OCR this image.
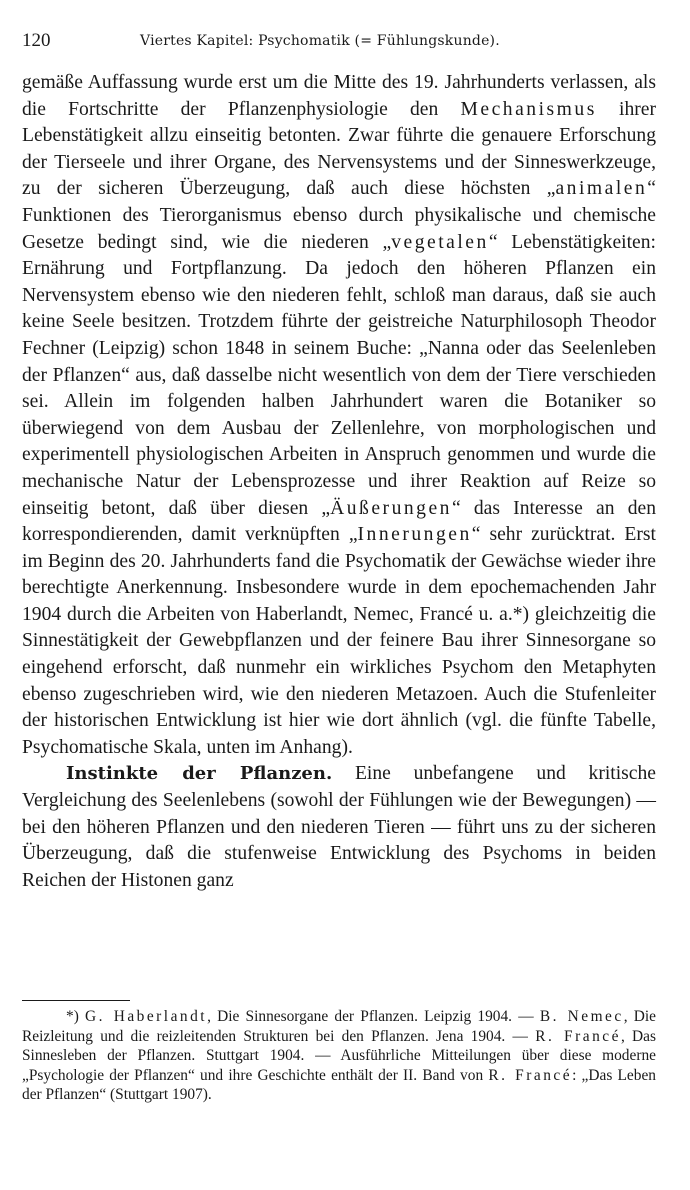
120	Viertes Kapitel: Psychomatik (= Fühlungskunde).

gemäße Auffassung wurde erst um die Mitte des 19. Jahrhunderts verlassen, als die Fortschritte der Pflanzenphysiologie den Mechanismus ihrer Lebenstätigkeit allzu einseitig betonten. Zwar führte die genauere Erforschung der Tierseele und ihrer Organe, des Nervensystems und der Sinneswerkzeuge, zu der sicheren Überzeugung, daß auch diese höchsten „animalen“ Funktionen des Tierorganismus ebenso durch physikalische und chemische Gesetze bedingt sind, wie die niederen „vegetalen“ Lebenstätigkeiten: Ernährung und Fortpflanzung. Da jedoch den höheren Pflanzen ein Nervensystem ebenso wie den niederen fehlt, schloß man daraus, daß sie auch keine Seele besitzen. Trotzdem führte der geistreiche Naturphilosoph Theodor Fechner (Leipzig) schon 1848 in seinem Buche: „Nanna oder das Seelenleben der Pflanzen“ aus, daß dasselbe nicht wesentlich von dem der Tiere verschieden sei. Allein im folgenden halben Jahrhundert waren die Botaniker so überwiegend von dem Ausbau der Zellenlehre, von morphologischen und experimentell physiologischen Arbeiten in Anspruch genommen und wurde die mechanische Natur der Lebensprozesse und ihrer Reaktion auf Reize so einseitig betont, daß über diesen „Äußerungen“ das Interesse an den korrespondierenden, damit verknüpften „Innerungen“ sehr zurücktrat. Erst im Beginn des 20. Jahrhunderts fand die Psychomatik der Gewächse wieder ihre berechtigte Anerkennung. Insbesondere wurde in dem epochemachenden Jahr 1904 durch die Arbeiten von Haberlandt, Nemec, Francé u. a.*) gleichzeitig die Sinnestätigkeit der Gewebpflanzen und der feinere Bau ihrer Sinnesorgane so eingehend erforscht, daß nunmehr ein wirkliches Psychom den Metaphyten ebenso zugeschrieben wird, wie den niederen Metazoen. Auch die Stufenleiter der historischen Entwicklung ist hier wie dort ähnlich (vgl. die fünfte Tabelle, Psychomatische Skala, unten im Anhang).

Instinkte der Pflanzen. Eine unbefangene und kritische Vergleichung des Seelenlebens (sowohl der Fühlungen wie der Bewegungen) — bei den höheren Pflanzen und den niederen Tieren — führt uns zu der sicheren Überzeugung, daß die stufenweise Entwicklung des Psychoms in beiden Reichen der Histonen ganz

*) G. Haberlandt, Die Sinnesorgane der Pflanzen. Leipzig 1904. — B. Nemec, Die Reizleitung und die reizleitenden Strukturen bei den Pflanzen. Jena 1904. — R. Francé, Das Sinnesleben der Pflanzen. Stuttgart 1904. — Ausführliche Mitteilungen über diese moderne „Psychologie der Pflanzen“ und ihre Geschichte enthält der II. Band von R. Francé: „Das Leben der Pflanzen“ (Stuttgart 1907).
